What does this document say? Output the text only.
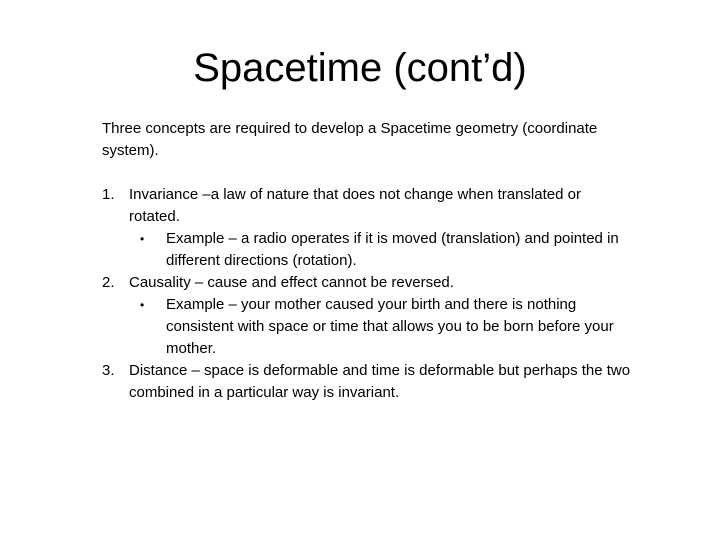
Spacetime (cont’d)

Three concepts are required to develop a Spacetime geometry (coordinate system).

1. Invariance –a law of nature that does not change when translated or rotated.
• Example – a radio operates if it is moved (translation) and pointed in different directions (rotation).
2. Causality – cause and effect cannot be reversed.
• Example – your mother caused your birth and there is nothing consistent with space or time that allows you to be born before your mother.
3. Distance – space is deformable and time is deformable but perhaps the two combined in a particular way is invariant.
